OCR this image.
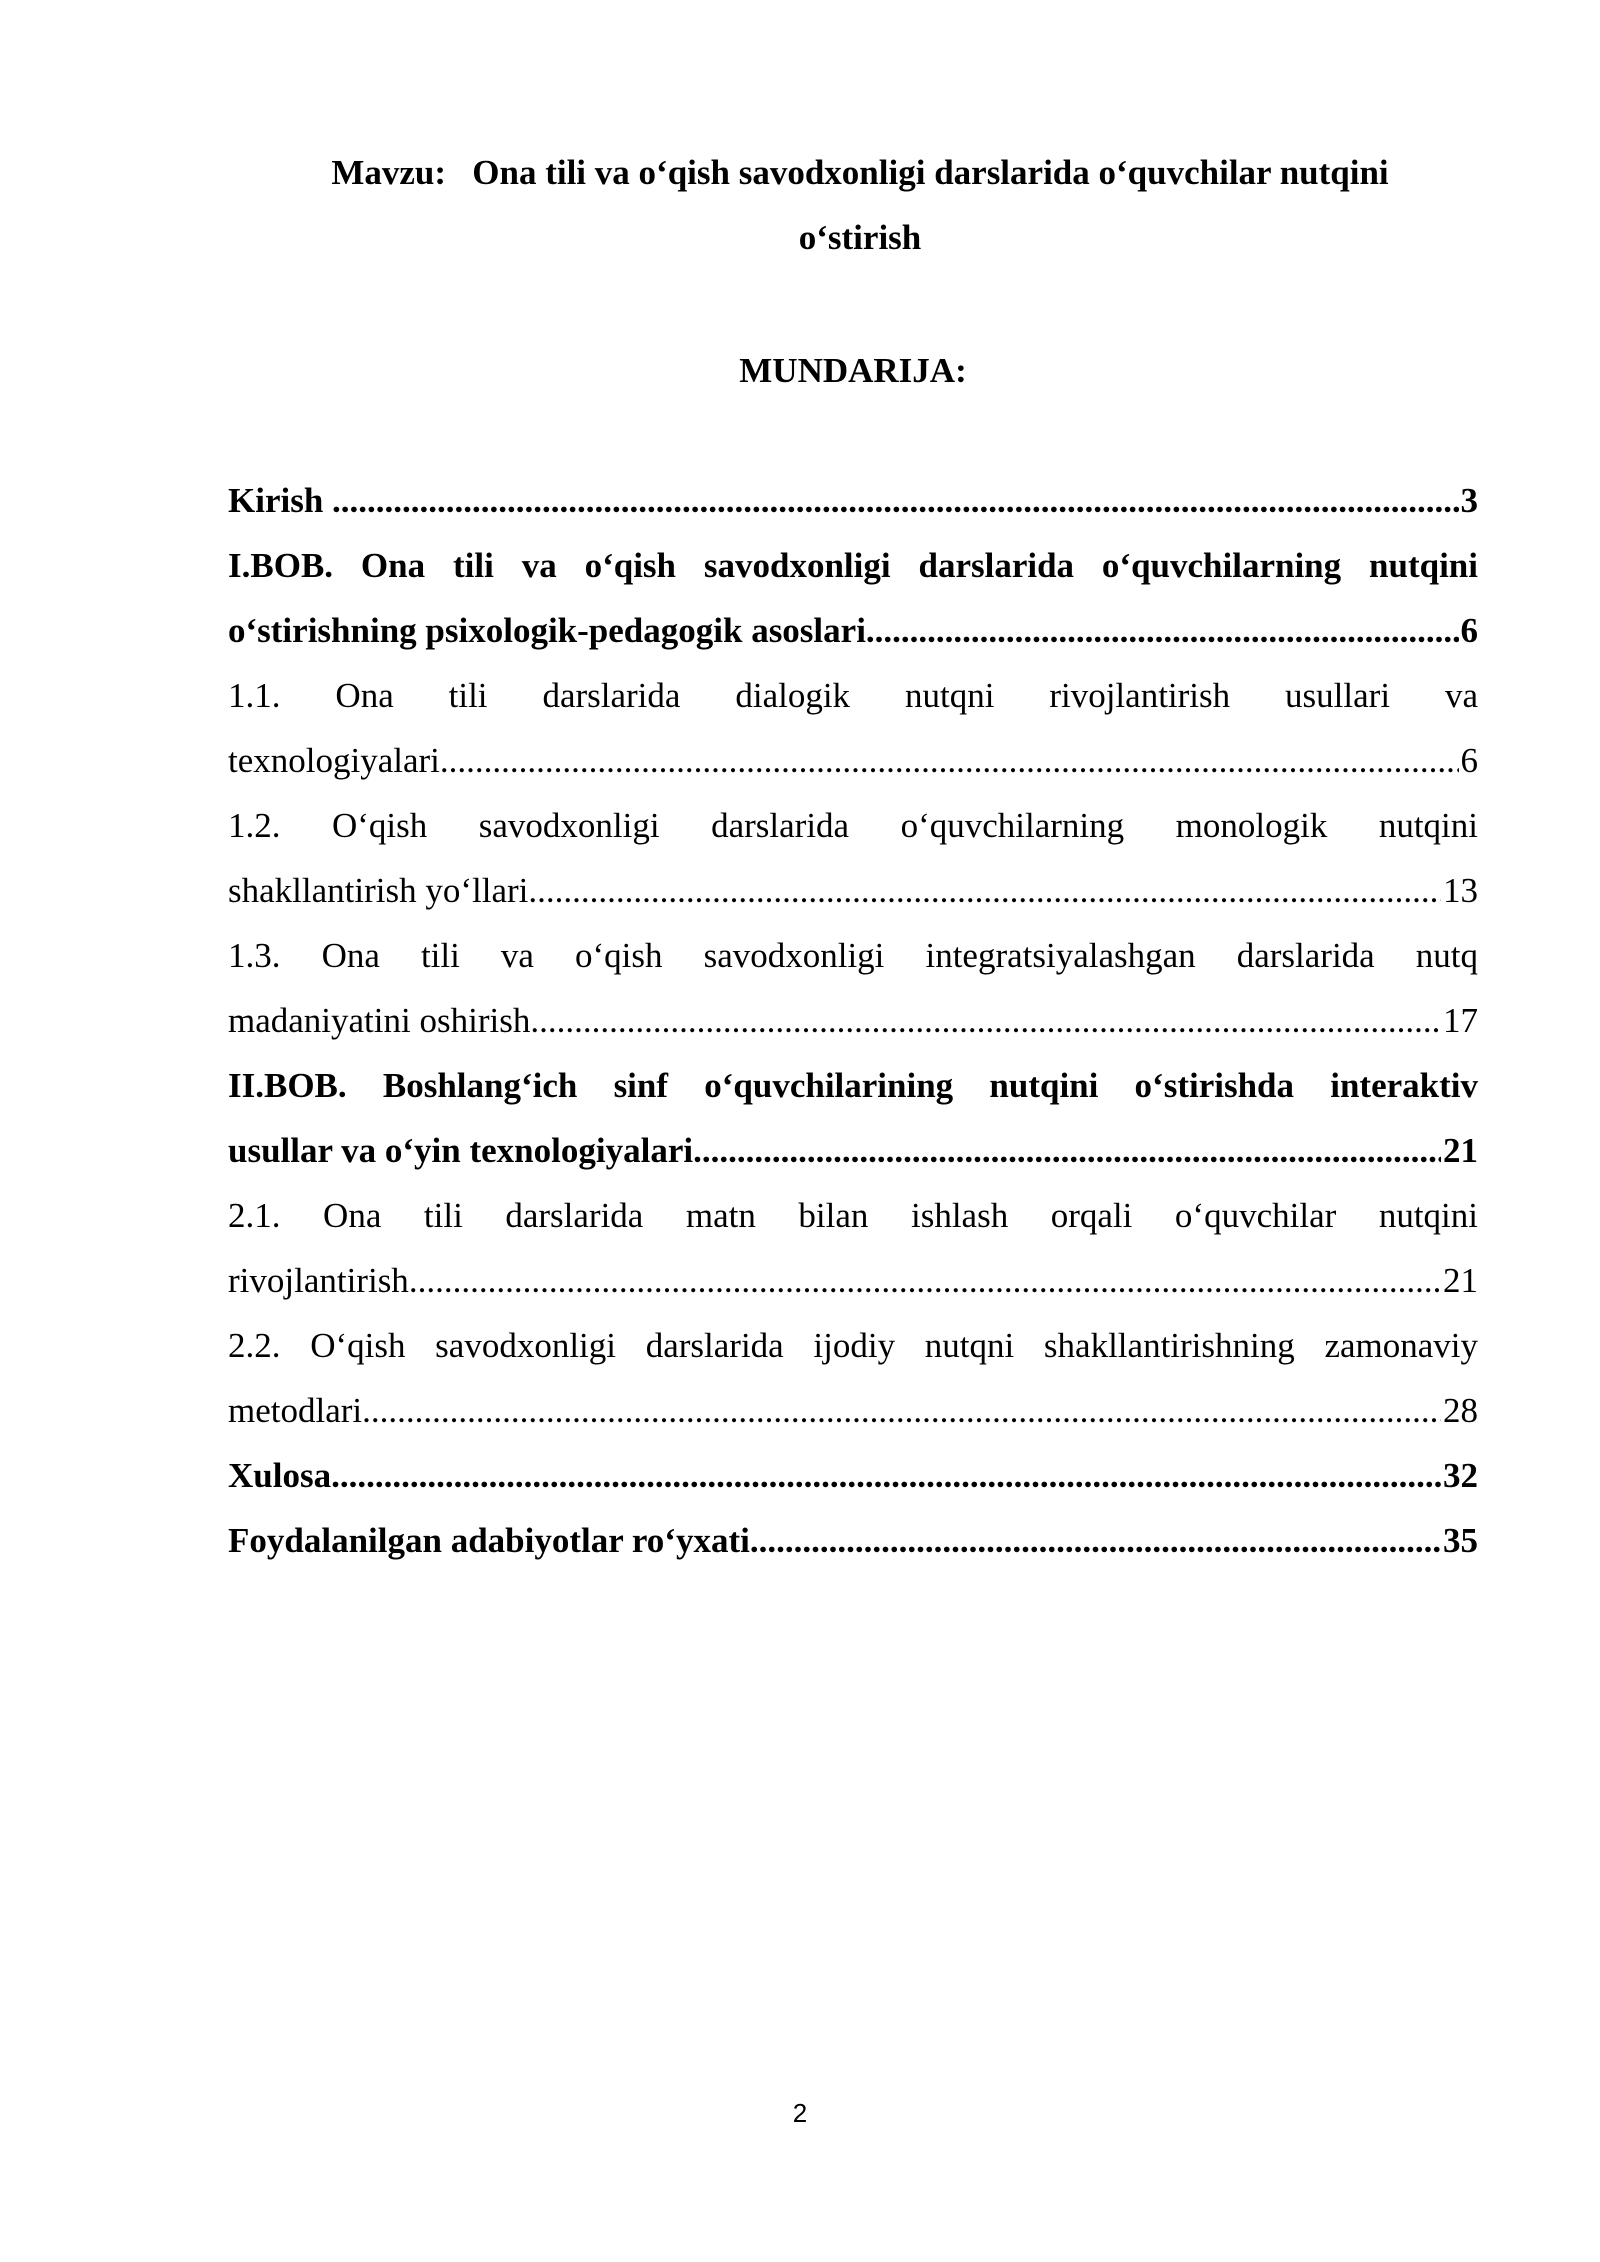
Mavzu:   Ona tili va o‘qish savodxonligi darslarida o‘quvchilar nutqini
o‘stirish
MUNDARIJA:
Kirish .....	3
I.BOB. Ona tili va o‘qish savodxonligi darslarida o‘quvchilarning nutqini
o‘stirishning psixologik-pedagogik asoslari .....	6
1.1. Ona tili darslarida dialogik nutqni rivojlantirish usullari va
texnologiyalari .....	6
1.2. O‘qish savodxonligi darslarida o‘quvchilarning monologik nutqini
shakllantirish yo‘llari .....	13
1.3. Ona tili va o‘qish savodxonligi integratsiyalashgan darslarida nutq
madaniyatini oshirish .....	17
II.BOB. Boshlang‘ich sinf o‘quvchilarining nutqini o‘stirishda interaktiv
usullar va o‘yin texnologiyalari .....	21
2.1. Ona tili darslarida matn bilan ishlash orqali o‘quvchilar nutqini
rivojlantirish .....	21
2.2. O‘qish savodxonligi darslarida ijodiy nutqni shakllantirishning zamonaviy
metodlari .....	28
Xulosa .....	32
Foydalanilgan adabiyotlar ro‘yxati .....	35
2
